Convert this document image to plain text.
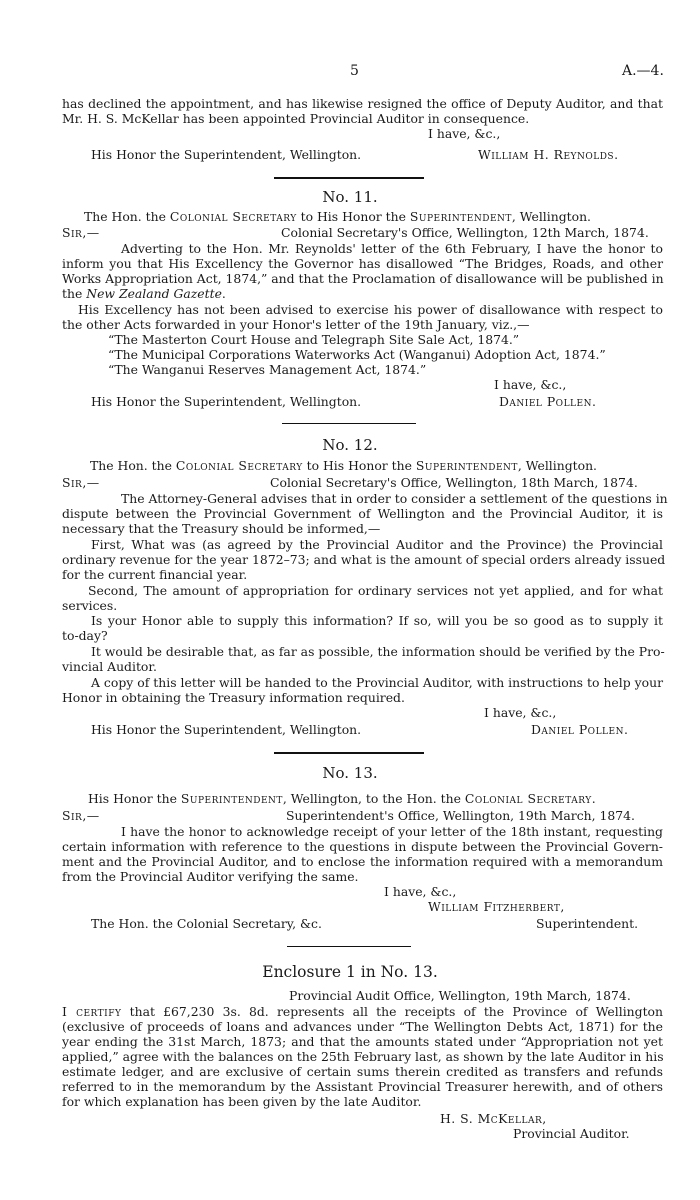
5	A.—4.
has declined the appointment, and has likewise resigned the office of Deputy Auditor, and that
Mr. H. S. McKellar has been appointed Provincial Auditor in consequence.
I have, &c.,
His Honor the Superintendent, Wellington.	William H. Reynolds.
No. 11.
The Hon. the Colonial Secretary to His Honor the Superintendent, Wellington.
Sir,—	Colonial Secretary's Office, Wellington, 12th March, 1874.
Adverting to the Hon. Mr. Reynolds' letter of the 6th February, I have the honor to
inform you that His Excellency the Governor has disallowed “The Bridges, Roads, and other
Works Appropriation Act, 1874,” and that the Proclamation of disallowance will be published in
the New Zealand Gazette.
His Excellency has not been advised to exercise his power of disallowance with respect to
the other Acts forwarded in your Honor's letter of the 19th January, viz.,—
“The Masterton Court House and Telegraph Site Sale Act, 1874.”
“The Municipal Corporations Waterworks Act (Wanganui) Adoption Act, 1874.”
“The Wanganui Reserves Management Act, 1874.”
I have, &c.,
His Honor the Superintendent, Wellington.	Daniel Pollen.
No. 12.
The Hon. the Colonial Secretary to His Honor the Superintendent, Wellington.
Sir,—	Colonial Secretary's Office, Wellington, 18th March, 1874.
The Attorney-General advises that in order to consider a settlement of the questions in
dispute between the Provincial Government of Wellington and the Provincial Auditor, it is
necessary that the Treasury should be informed,—
First, What was (as agreed by the Provincial Auditor and the Province) the Provincial
ordinary revenue for the year 1872–73; and what is the amount of special orders already issued
for the current financial year.
Second, The amount of appropriation for ordinary services not yet applied, and for what
services.
Is your Honor able to supply this information? If so, will you be so good as to supply it
to-day?
It would be desirable that, as far as possible, the information should be verified by the Pro-
vincial Auditor.
A copy of this letter will be handed to the Provincial Auditor, with instructions to help your
Honor in obtaining the Treasury information required.
I have, &c.,
His Honor the Superintendent, Wellington.	Daniel Pollen.
No. 13.
His Honor the Superintendent, Wellington, to the Hon. the Colonial Secretary.
Sir,—	Superintendent's Office, Wellington, 19th March, 1874.
I have the honor to acknowledge receipt of your letter of the 18th instant, requesting
certain information with reference to the questions in dispute between the Provincial Govern-
ment and the Provincial Auditor, and to enclose the information required with a memorandum
from the Provincial Auditor verifying the same.
I have, &c.,
William Fitzherbert,
The Hon. the Colonial Secretary, &c.	Superintendent.
Enclosure 1 in No. 13.
Provincial Audit Office, Wellington, 19th March, 1874.
I certify that £67,230 3s. 8d. represents all the receipts of the Province of Wellington
(exclusive of proceeds of loans and advances under “The Wellington Debts Act, 1871) for the
year ending the 31st March, 1873; and that the amounts stated under “Appropriation not yet
applied,” agree with the balances on the 25th February last, as shown by the late Auditor in his
estimate ledger, and are exclusive of certain sums therein credited as transfers and refunds
referred to in the memorandum by the Assistant Provincial Treasurer herewith, and of others
for which explanation has been given by the late Auditor.
H. S. McKellar,
Provincial Auditor.
